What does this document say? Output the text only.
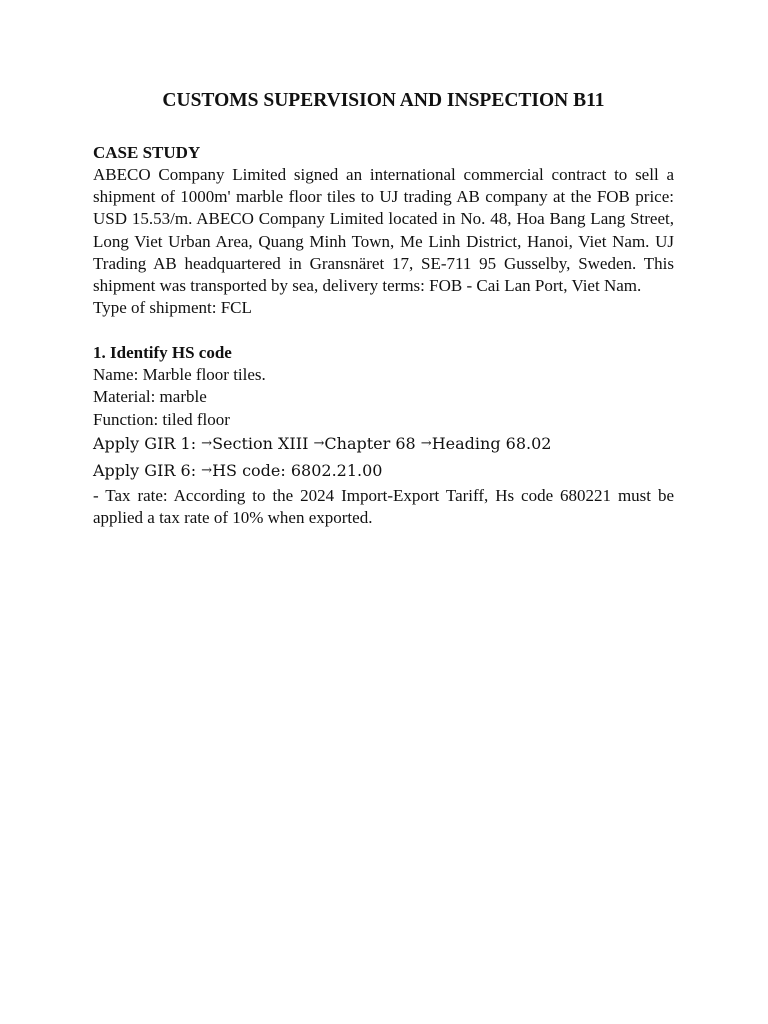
CUSTOMS SUPERVISION AND INSPECTION B11

CASE STUDY

ABECO Company Limited signed an international commercial contract to sell a shipment of 1000m' marble floor tiles to UJ trading AB company at the FOB price: USD 15.53/m. ABECO Company Limited located in No. 48, Hoa Bang Lang Street, Long Viet Urban Area, Quang Minh Town, Me Linh District, Hanoi, Viet Nam. UJ Trading AB headquartered in Gransnäret 17, SE-711 95 Gusselby, Sweden. This shipment was transported by sea, delivery terms: FOB - Cai Lan Port, Viet Nam.

Type of shipment: FCL

1. Identify HS code

Name: Marble floor tiles.

Material: marble

Function: tiled floor

Apply GIR 1: →Section XIII →Chapter 68 →Heading 68.02

Apply GIR 6: →HS code: 6802.21.00

- Tax rate: According to the 2024 Import-Export Tariff, Hs code 680221 must be applied a tax rate of 10% when exported.
